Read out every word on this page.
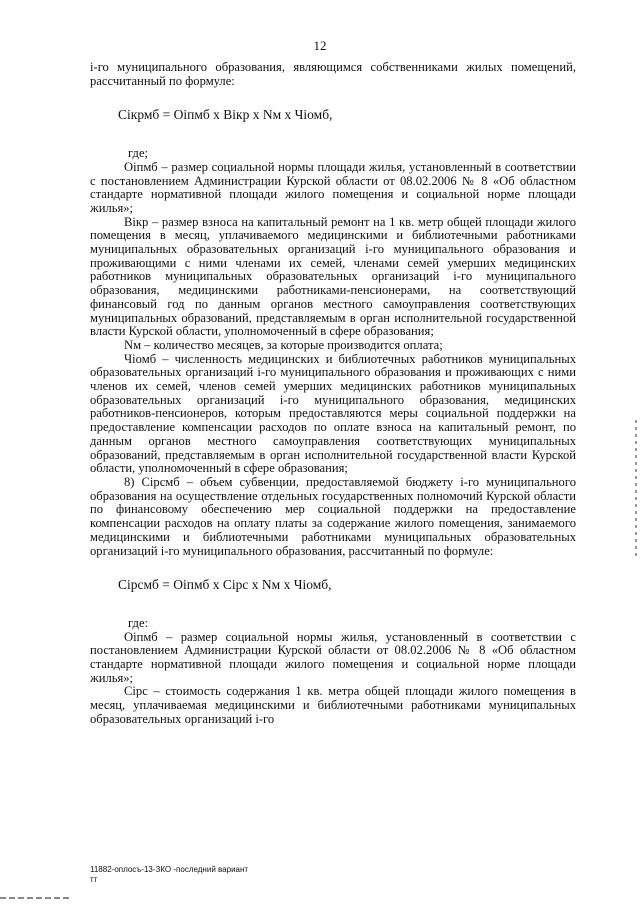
12

i-го муниципального образования, являющимся собственниками жилых помещений, рассчитанный по формуле:

Сікрмб = Оіпмб х Вікр х Nм х Чіомб,

где;

Оіпмб – размер социальной нормы площади жилья, установленный в соответствии с постановлением Администрации Курской области от 08.02.2006 № 8 «Об областном стандарте нормативной площади жилого помещения и социальной норме площади жилья»;

Вікр – размер взноса на капитальный ремонт на 1 кв. метр общей площади жилого помещения в месяц, уплачиваемого медицинскими и библиотечными работниками муниципальных образовательных организаций і-го муниципального образования и проживающими с ними членами их семей, членами семей умерших медицинских работников муниципальных образовательных организаций і-го муниципального образования, медицинскими работниками-пенсионерами, на соответствующий финансовый год по данным органов местного самоуправления соответствующих муниципальных образований, представляемым в орган исполнительной государственной власти Курской области, уполномоченный в сфере образования;

Nм – количество месяцев, за которые производится оплата;

Чіомб – численность медицинских и библиотечных работников муниципальных образовательных организаций і-го муниципального образования и проживающих с ними членов их семей, членов семей умерших медицинских работников муниципальных образовательных организаций і-го муниципального образования, медицинских работников-пенсионеров, которым предоставляются меры социальной поддержки на предоставление компенсации расходов по оплате взноса на капитальный ремонт, по данным органов местного самоуправления соответствующих муниципальных образований, представляемым в орган исполнительной государственной власти Курской области, уполномоченный в сфере образования;

8) Сірсмб – объем субвенции, предоставляемой бюджету і-го муниципального образования на осуществление отдельных государственных полномочий Курской области по финансовому обеспечению мер социальной поддержки на предоставление компенсации расходов на оплату платы за содержание жилого помещения, занимаемого медицинскими и библиотечными работниками муниципальных образовательных организаций і-го муниципального образования, рассчитанный по формуле:

Сірсмб = Оіпмб х Сірс х Nм х Чіомб,

где:

Оіпмб – размер социальной нормы жилья, установленный в соответствии с постановлением Администрации Курской области от 08.02.2006 № 8 «Об областном стандарте нормативной площади жилого помещения и социальной норме площади жилья»;

Сірс – стоимость содержания 1 кв. метра общей площади жилого помещения в месяц, уплачиваемая медицинскими и библиотечными работниками муниципальных образовательных организаций і-го

11882-оплосъ-13-ЗКО -последний вариант
тт
